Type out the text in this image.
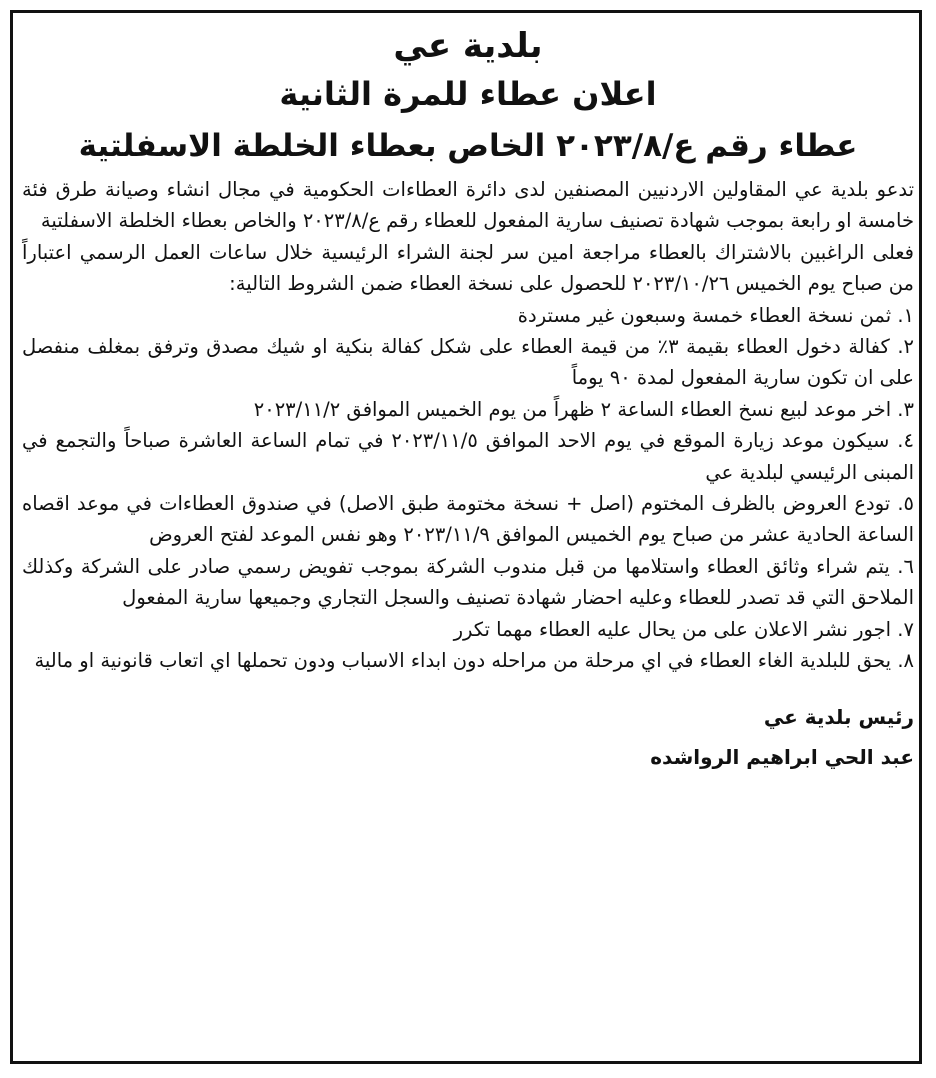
بلدية عي
اعلان عطاء للمرة الثانية
عطاء رقم ع/٢٠٢٣/٨ الخاص بعطاء الخلطة الاسفلتية

تدعو بلدية عي المقاولين الاردنيين المصنفين لدى دائرة العطاءات الحكومية في مجال انشاء وصيانة طرق فئة خامسة او رابعة بموجب شهادة تصنيف سارية المفعول للعطاء رقم ع/٢٠٢٣/٨ والخاص بعطاء الخلطة الاسفلتية

فعلى الراغبين بالاشتراك بالعطاء مراجعة امين سر لجنة الشراء الرئيسية خلال ساعات العمل الرسمي اعتباراً من صباح يوم الخميس ٢٠٢٣/١٠/٢٦ للحصول على نسخة العطاء ضمن الشروط التالية:

١. ثمن نسخة العطاء خمسة وسبعون غير مستردة

٢. كفالة دخول العطاء بقيمة ٣٪ من قيمة العطاء على شكل كفالة بنكية او شيك مصدق وترفق بمغلف منفصل على ان تكون سارية المفعول لمدة ٩٠ يوماً

٣. اخر موعد لبيع نسخ العطاء الساعة ٢ ظهراً من يوم الخميس الموافق ٢٠٢٣/١١/٢

٤. سيكون موعد زيارة الموقع في يوم الاحد الموافق ٢٠٢٣/١١/٥ في تمام الساعة العاشرة صباحاً والتجمع في المبنى الرئيسي لبلدية عي

٥. تودع العروض بالظرف المختوم (اصل + نسخة مختومة طبق الاصل) في صندوق العطاءات في موعد اقصاه الساعة الحادية عشر من صباح يوم الخميس الموافق ٢٠٢٣/١١/٩ وهو نفس الموعد لفتح العروض

٦. يتم شراء وثائق العطاء واستلامها من قبل مندوب الشركة بموجب تفويض رسمي صادر على الشركة وكذلك الملاحق التي قد تصدر للعطاء وعليه احضار شهادة تصنيف والسجل التجاري وجميعها سارية المفعول

٧. اجور نشر الاعلان على من يحال عليه العطاء مهما تكرر

٨. يحق للبلدية الغاء العطاء في اي مرحلة من مراحله دون ابداء الاسباب ودون تحملها اي اتعاب قانونية او مالية

رئيس بلدية عي
عبد الحي ابراهيم الرواشده
